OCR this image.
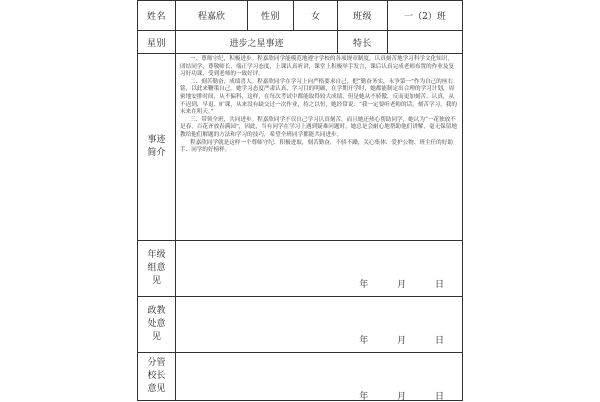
姓名	程嘉欣	性别	女	班级	一（2）班
星别	进步之星事迹			特长	
事迹简介	一、尊师守纪，积极进步。程嘉欣同学能模范地遵守学校的各项规章制度，认真刻苦地学习科学文化知识，团结同学，尊敬师长，端正学习态度，上课认真听讲，课堂上积极举手发言，课后认真完成老师布置的作业及复习好功课，受到老师的一致好评。

二、刻苦勤奋，成绩喜人。程嘉欣同学在学习上向严格要求自己，把“勤奋务实，永争第一”作为自己的座右铭，以此来鞭策自己。她学习态度严肃认真，学习目的明确，在学期开学时，她都能制定出合理的学习计划，周密地安排时间，从不偏科，这样，在每次考试中都能取得较大成绩，但是她从不骄傲，反而更加刻苦。认真，从不迟到、早退、旷课，从来没有缺交过一次作业，持之以恒，她经常说：“我一定要听老师的话，刻苦学习，我的未来在明天。”

三、带领全班，共同进步。程嘉欣同学不仅自己学习认真刻苦，而且她还热心帮助同学，她认为“一花独放不是春，百花齐放春满园”，因此，当有同学在学习上遇到疑难问题时，她总是会耐心地帮助他们讲解，毫无保留地教给他们解题的方法和学习的技巧，希望全班同学都能共同进步。

程嘉欣同学就是这样一个尊师守纪、积极进取，刻苦勤奋，不骄不躁，关心集体、爱护公物、班主任的好助手、同学的好榜样。				

年级组意见	年 月 日				

政教处意见	年 月 日				

分管校长意见	年 月 日				
